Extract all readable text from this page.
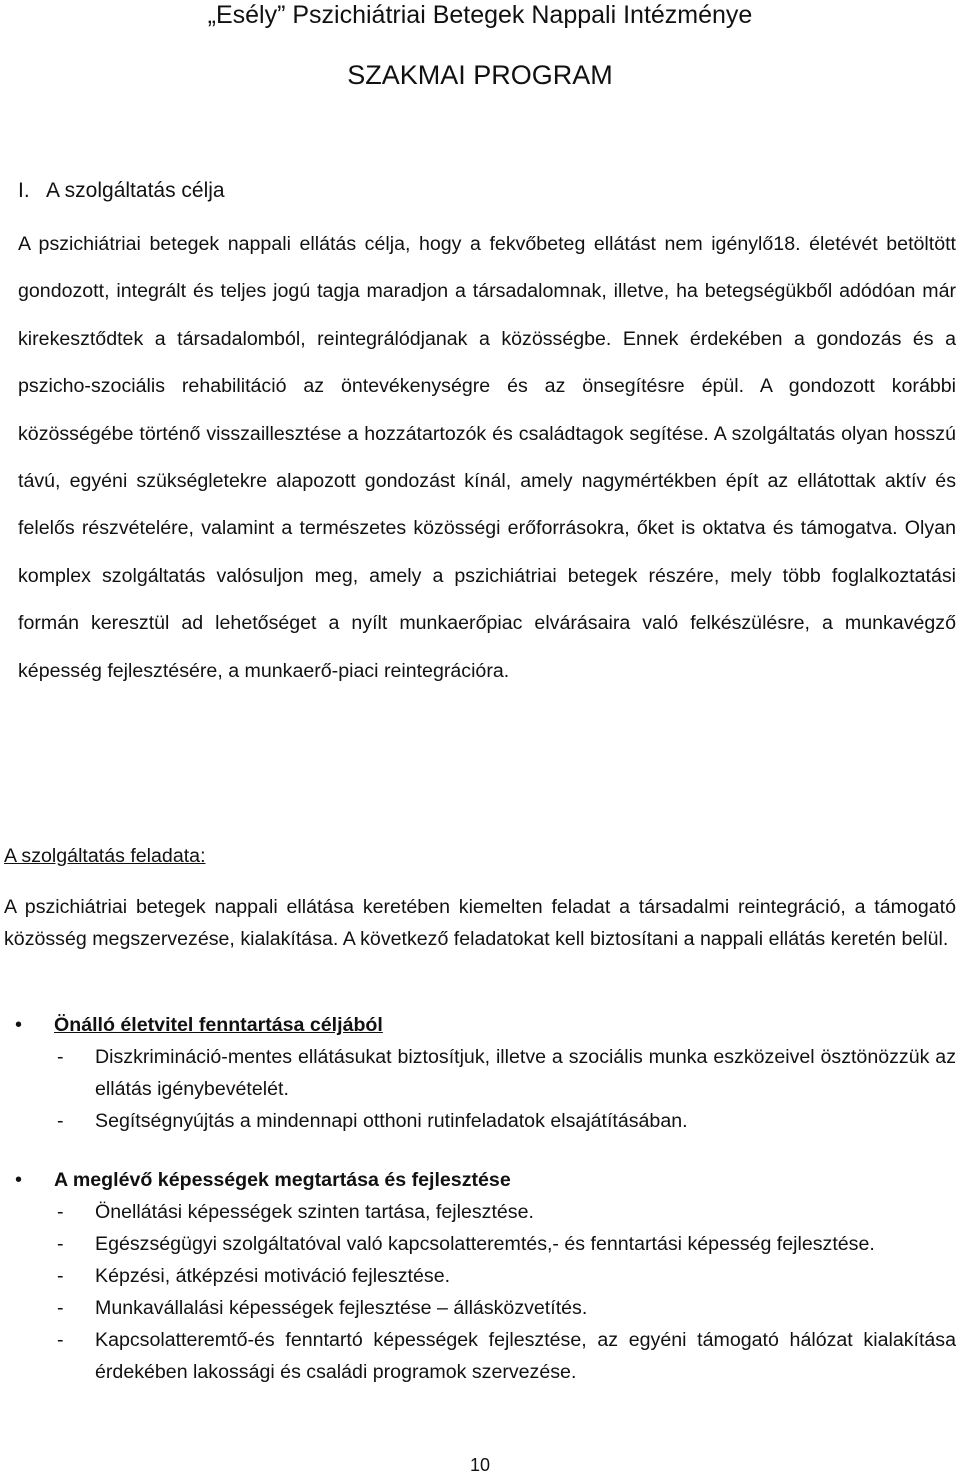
„Esély” Pszichiátriai Betegek Nappali Intézménye
SZAKMAI PROGRAM
I. A szolgáltatás célja

A pszichiátriai betegek nappali ellátás célja, hogy a fekvőbeteg ellátást nem igénylő18. életévét betöltött gondozott, integrált és teljes jogú tagja maradjon a társadalomnak, illetve, ha betegségükből adódóan már kirekesztődtek a társadalomból, reintegrálódjanak a közösségbe. Ennek érdekében a gondozás és a pszicho-szociális rehabilitáció az öntevékenységre és az önsegítésre épül. A gondozott korábbi közösségébe történő visszaillesztése a hozzátartozók és családtagok segítése. A szolgáltatás olyan hosszú távú, egyéni szükségletekre alapozott gondozást kínál, amely nagymértékben épít az ellátottak aktív és felelős részvételére, valamint a természetes közösségi erőforrásokra, őket is oktatva és támogatva. Olyan komplex szolgáltatás valósuljon meg, amely a pszichiátriai betegek részére, mely több foglalkoztatási formán keresztül ad lehetőséget a nyílt munkaerőpiac elvárásaira való felkészülésre, a munkavégző képesség fejlesztésére, a munkaerő-piaci reintegrációra.

A szolgáltatás feladata:

A pszichiátriai betegek nappali ellátása keretében kiemelten feladat a társadalmi reintegráció, a támogató közösség megszervezése, kialakítása. A következő feladatokat kell biztosítani a nappali ellátás keretén belül.

• Önálló életvitel fenntartása céljából
- Diszkrimináció-mentes ellátásukat biztosítjuk, illetve a szociális munka eszközeivel ösztönözzük az ellátás igénybevételét.

- Segítségnyújtás a mindennapi otthoni rutinfeladatok elsajátításában.

• A meglévő képességek megtartása és fejlesztése
- Önellátási képességek szinten tartása, fejlesztése.

- Egészségügyi szolgáltatóval való kapcsolatteremtés,- és fenntartási képesség fejlesztése.

- Képzési, átképzési motiváció fejlesztése.

- Munkavállalási képességek fejlesztése – állásközvetítés.

- Kapcsolatteremtő-és fenntartó képességek fejlesztése, az egyéni támogató hálózat kialakítása érdekében lakossági és családi programok szervezése.

10
